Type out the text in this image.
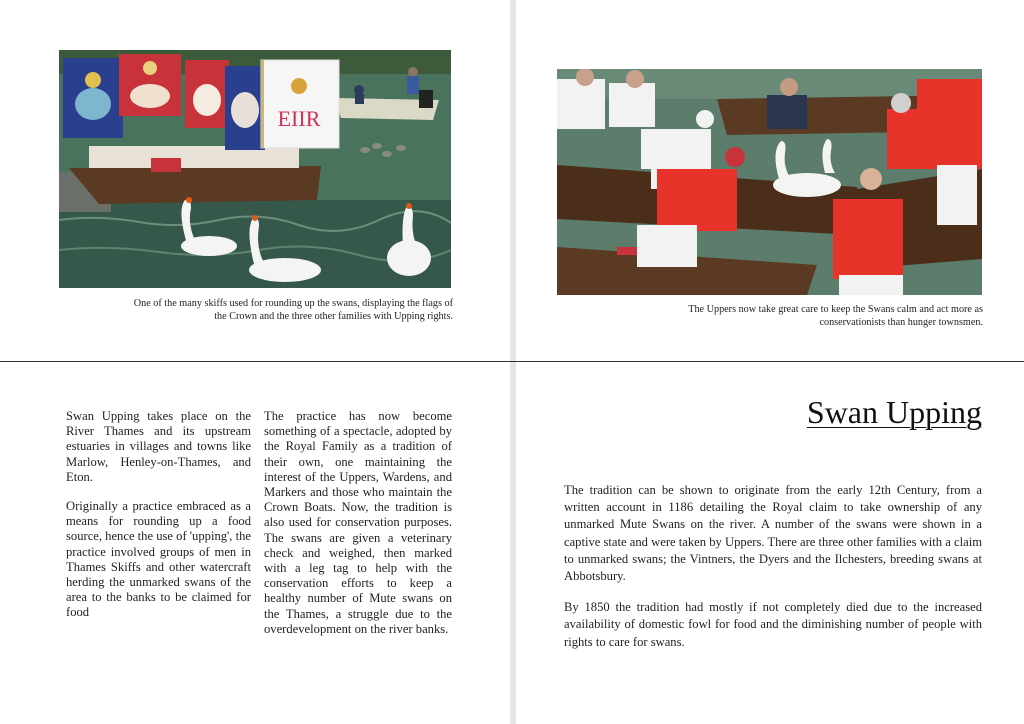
EIIR
One of the many skiffs used for rounding up the swans, displaying the flags of the Crown and the three other families with Upping rights.
The Uppers now take great care to keep the Swans calm and act more as conservationists than hunger townsmen.

Swan Upping takes place on the River Thames and its upstream estuaries in villages and towns like Marlow, Henley-on-Thames, and Eton.

Originally a practice embraced as a means for rounding up a food source, hence the use of 'upping', the practice involved groups of men in Thames Skiffs and other watercraft herding the unmarked swans of the area to the banks to be claimed for food

The practice has now become something of a spectacle, adopted by the Royal Family as a tradition of their own, one maintaining the interest of the Uppers, Wardens, and Markers and those who maintain the Crown Boats. Now, the tradition is also used for conservation purposes. The swans are given a veterinary check and weighed, then marked with a leg tag to help with the conservation efforts to keep a healthy number of Mute swans on the Thames, a struggle due to the overdevelopment on the river banks.

Swan Upping

The tradition can be shown to originate from the early 12th Century, from a written account in 1186 detailing the Royal claim to take ownership of any unmarked Mute Swans on the river. A number of the swans were shown in a captive state and were taken by Uppers. There are three other families with a claim to unmarked swans; the Vintners, the Dyers and the Ilchesters, breeding swans at Abbotsbury.

By 1850 the tradition had mostly if not completely died due to the increased availability of domestic fowl for food and the diminishing number of people with rights to care for swans.
